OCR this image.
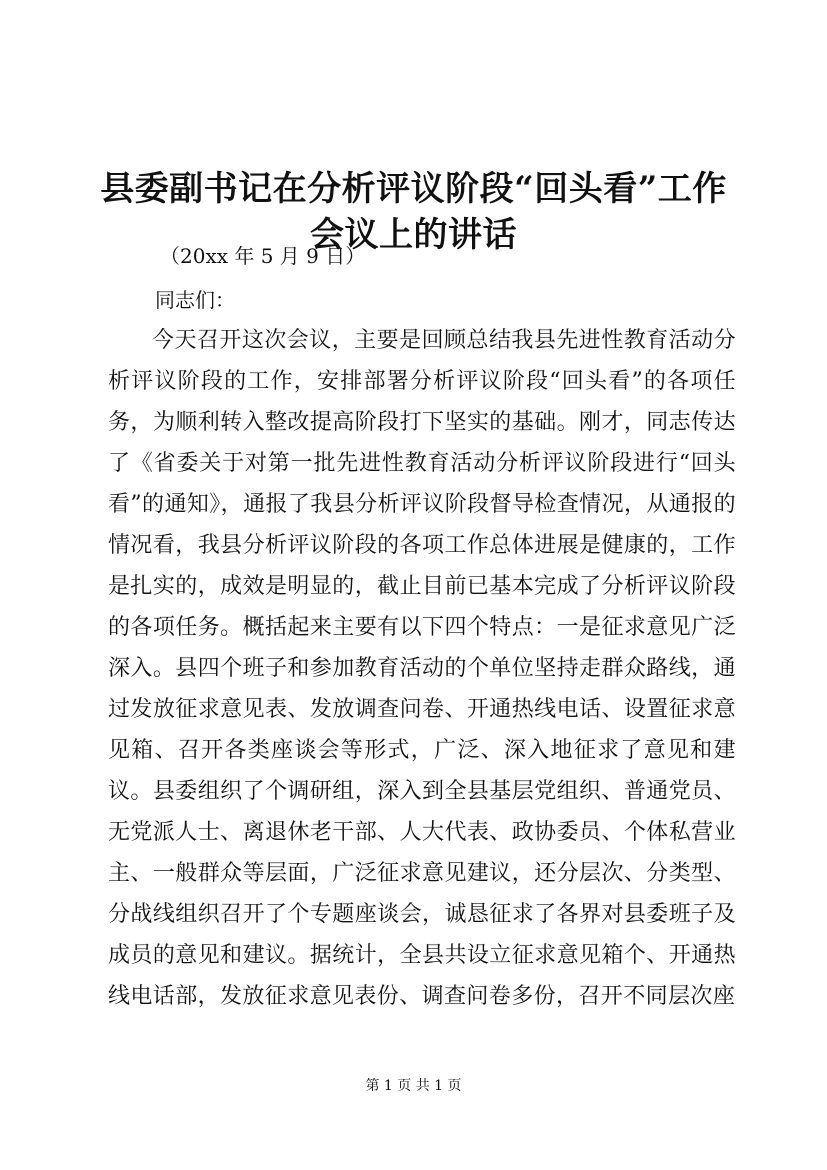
县委副书记在分析评议阶段“回头看”工作会议上的讲话
（20xx 年 5 月 9 日）
同志们：

今天召开这次会议，主要是回顾总结我县先进性教育活动分析评议阶段的工作，安排部署分析评议阶段“回头看”的各项任务，为顺利转入整改提高阶段打下坚实的基础。刚才，同志传达了《省委关于对第一批先进性教育活动分析评议阶段进行“回头看”的通知》，通报了我县分析评议阶段督导检查情况，从通报的情况看，我县分析评议阶段的各项工作总体进展是健康的，工作是扎实的，成效是明显的，截止目前已基本完成了分析评议阶段的各项任务。概括起来主要有以下四个特点：一是征求意见广泛深入。县四个班子和参加教育活动的个单位坚持走群众路线，通过发放征求意见表、发放调查问卷、开通热线电话、设置征求意见箱、召开各类座谈会等形式，广泛、深入地征求了意见和建议。县委组织了个调研组，深入到全县基层党组织、普通党员、无党派人士、离退休老干部、人大代表、政协委员、个体私营业主、一般群众等层面，广泛征求意见建议，还分层次、分类型、分战线组织召开了个专题座谈会，诚恳征求了各界对县委班子及成员的意见和建议。据统计，全县共设立征求意见箱个、开通热线电话部，发放征求意见表份、调查问卷多份，召开不同层次座

第 1 页 共 1 页
